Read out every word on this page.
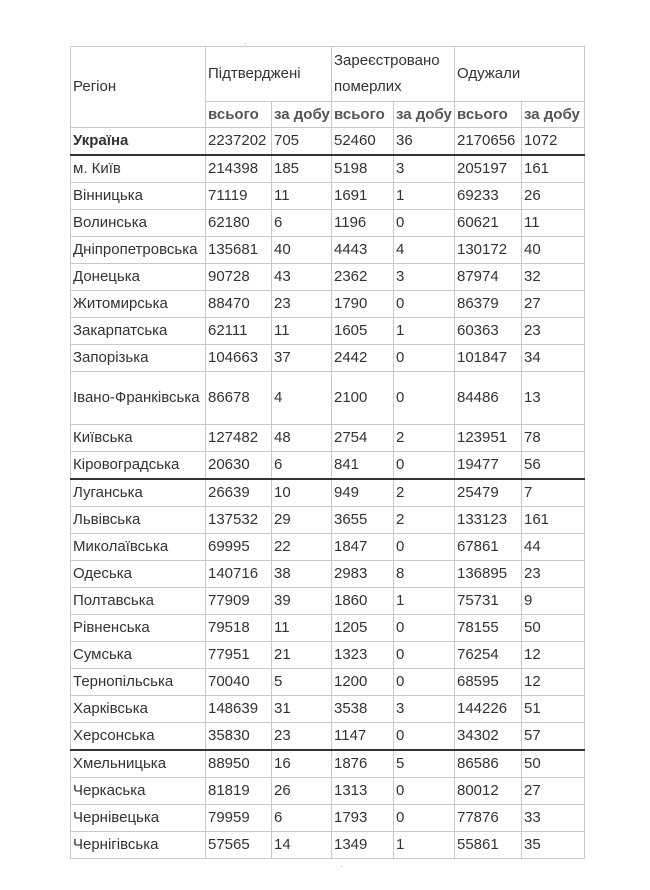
Регіон	Підтверджені		Зареєстровано померлих		Одужали	

	всього	за добу	всього	за добу	всього	за добу
Україна	2237202	705	52460	36	2170656	1072
м. Київ	214398	185	5198	3	205197	161
Вінницька	71119	11	1691	1	69233	26
Волинська	62180	6	1196	0	60621	11
Дніпропетровська	135681	40	4443	4	130172	40
Донецька	90728	43	2362	3	87974	32
Житомирська	88470	23	1790	0	86379	27
Закарпатська	62111	11	1605	1	60363	23
Запорізька	104663	37	2442	0	101847	34
Івано-Франківська	86678	4	2100	0	84486	13
Київська	127482	48	2754	2	123951	78
Кіровоградська	20630	6	841	0	19477	56
Луганська	26639	10	949	2	25479	7
Львівська	137532	29	3655	2	133123	161
Миколаївська	69995	22	1847	0	67861	44
Одеська	140716	38	2983	8	136895	23
Полтавська	77909	39	1860	1	75731	9
Рівненська	79518	11	1205	0	78155	50
Сумська	77951	21	1323	0	76254	12
Тернопільська	70040	5	1200	0	68595	12
Харківська	148639	31	3538	3	144226	51
Херсонська	35830	23	1147	0	34302	57
Хмельницька	88950	16	1876	5	86586	50
Черкаська	81819	26	1313	0	80012	27
Чернівецька	79959	6	1793	0	77876	33
Чернігівська	57565	14	1349	1	55861	35
